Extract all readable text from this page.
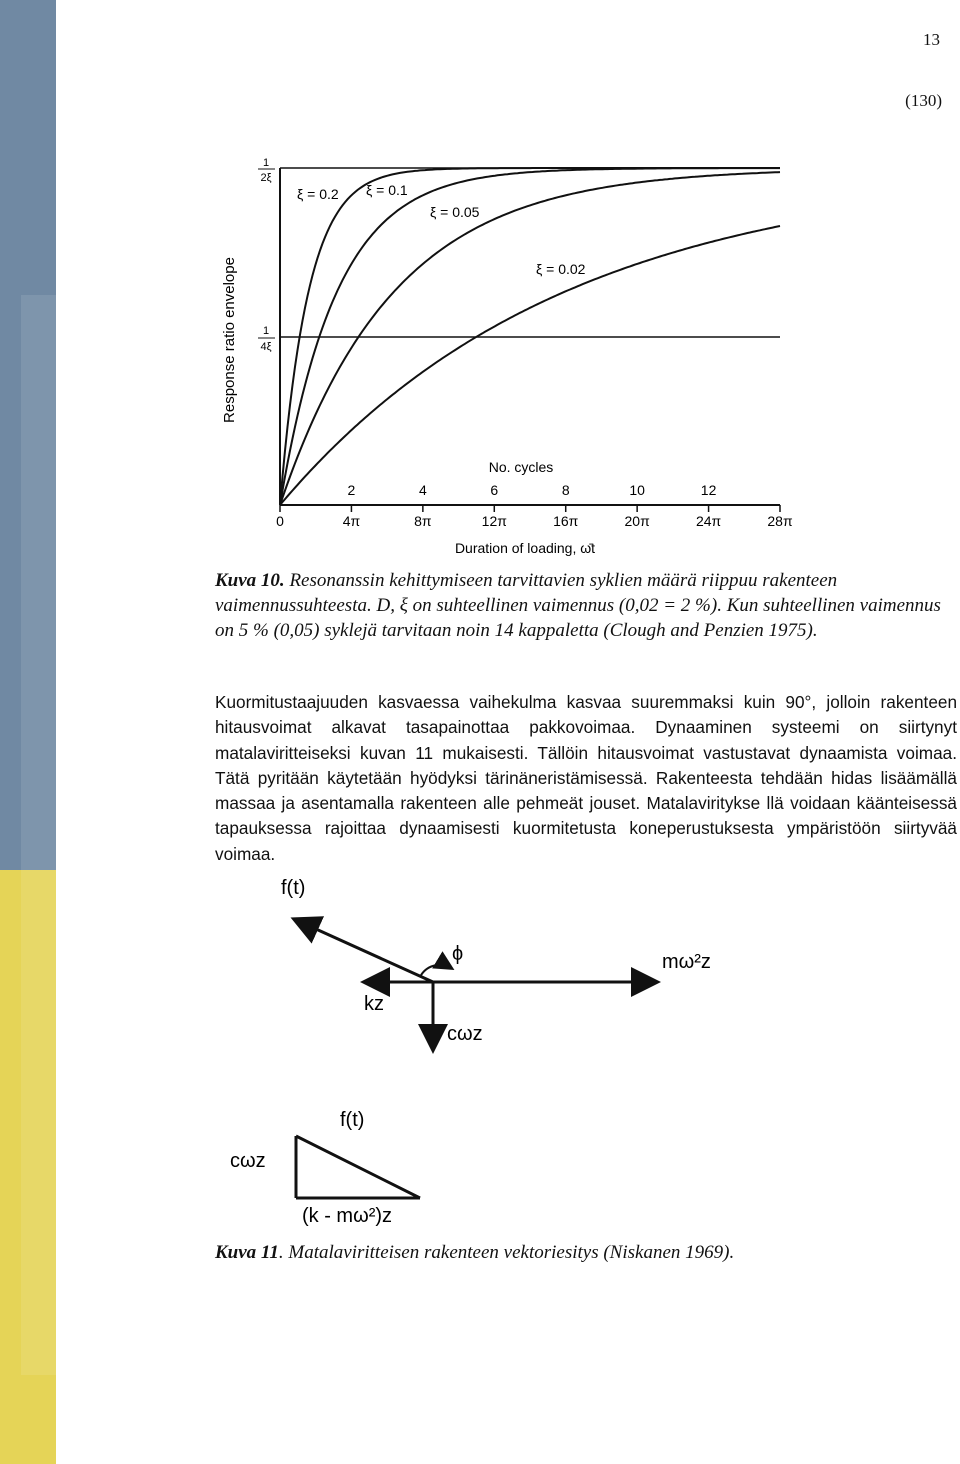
13
(130)
Response ratio envelope
1
2ξ
1
4ξ
ξ = 0.2 ξ = 0.1
ξ = 0.05
ξ = 0.02
No. cycles
2	4	6	8	10	12
0	4π	8π	12π	16π	20π	24π	28π
Duration of loading, ω̄t
Kuva 10. Resonanssin kehittymiseen tarvittavien syklien määrä riippuu rakenteen vaimennussuhteesta. D, ξ on suhteellinen vaimennus (0,02 = 2 %). Kun suhteellinen vaimennus on 5 % (0,05) syklejä tarvitaan noin 14 kappaletta (Clough and Penzien 1975).
Kuormitustaajuuden kasvaessa vaihekulma kasvaa suuremmaksi kuin 90°, jolloin rakenteen hitausvoimat alkavat tasapainottaa pakkovoimaa. Dynaaminen systeemi on siirtynyt matalaviritteiseksi kuvan 11 mukaisesti. Tällöin hitausvoimat vastustavat dynaamista voimaa. Tätä pyritään käytetään hyödyksi tärinäneristämisessä. Rakenteesta tehdään hidas lisäämällä massaa ja asentamalla rakenteen alle pehmeät jouset. Matalaviritykse llä voidaan käänteisessä tapauksessa rajoittaa dynaamisesti kuormitetusta koneperustuksesta ympäristöön siirtyvää voimaa.
f(t)
ϕ	mω²z
kz
cωz
f(t)
cωz
(k - mω²)z
Kuva 11. Matalaviritteisen rakenteen vektoriesitys (Niskanen 1969).
